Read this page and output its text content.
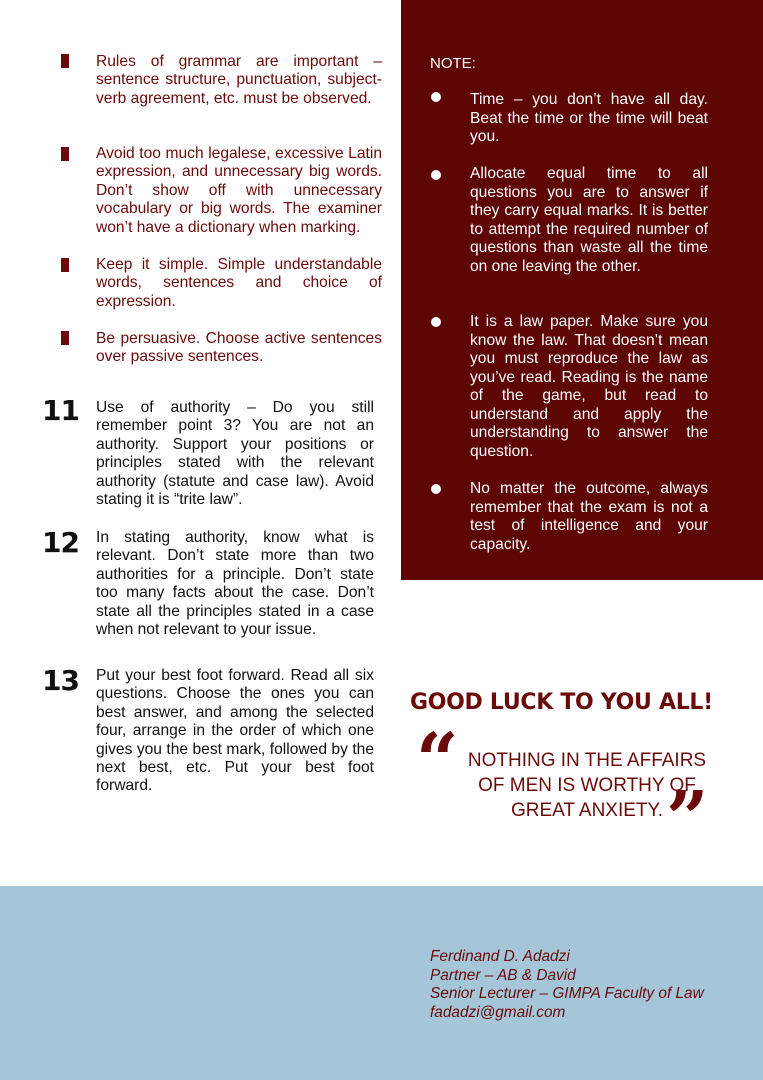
Rules of grammar are important – sentence structure, punctuation, subject-verb agreement, etc. must be observed.
Avoid too much legalese, excessive Latin expression, and unnecessary big words. Don’t show off with unnecessary vocabulary or big words. The examiner won’t have a dictionary when marking.
Keep it simple. Simple understandable words, sentences and choice of expression.
Be persuasive. Choose active sentences over passive sentences.
11 Use of authority – Do you still remember point 3? You are not an authority. Support your positions or principles stated with the relevant authority (statute and case law). Avoid stating it is “trite law”.
12 In stating authority, know what is relevant. Don’t state more than two authorities for a principle. Don’t state too many facts about the case. Don’t state all the principles stated in a case when not relevant to your issue.
13 Put your best foot forward. Read all six questions. Choose the ones you can best answer, and among the selected four, arrange in the order of which one gives you the best mark, followed by the next best, etc. Put your best foot forward.
NOTE:
Time – you don’t have all day. Beat the time or the time will beat you.
Allocate equal time to all questions you are to answer if they carry equal marks. It is better to attempt the required number of questions than waste all the time on one leaving the other.
It is a law paper. Make sure you know the law. That doesn’t mean you must reproduce the law as you’ve read. Reading is the name of the game, but read to understand and apply the understanding to answer the question.
No matter the outcome, always remember that the exam is not a test of intelligence and your capacity.
GOOD LUCK TO YOU ALL!
“ NOTHING IN THE AFFAIRS OF MEN IS WORTHY OF GREAT ANXIETY. ”
Ferdinand D. Adadzi
Partner – AB & David
Senior Lecturer – GIMPA Faculty of Law
fadadzi@gmail.com
